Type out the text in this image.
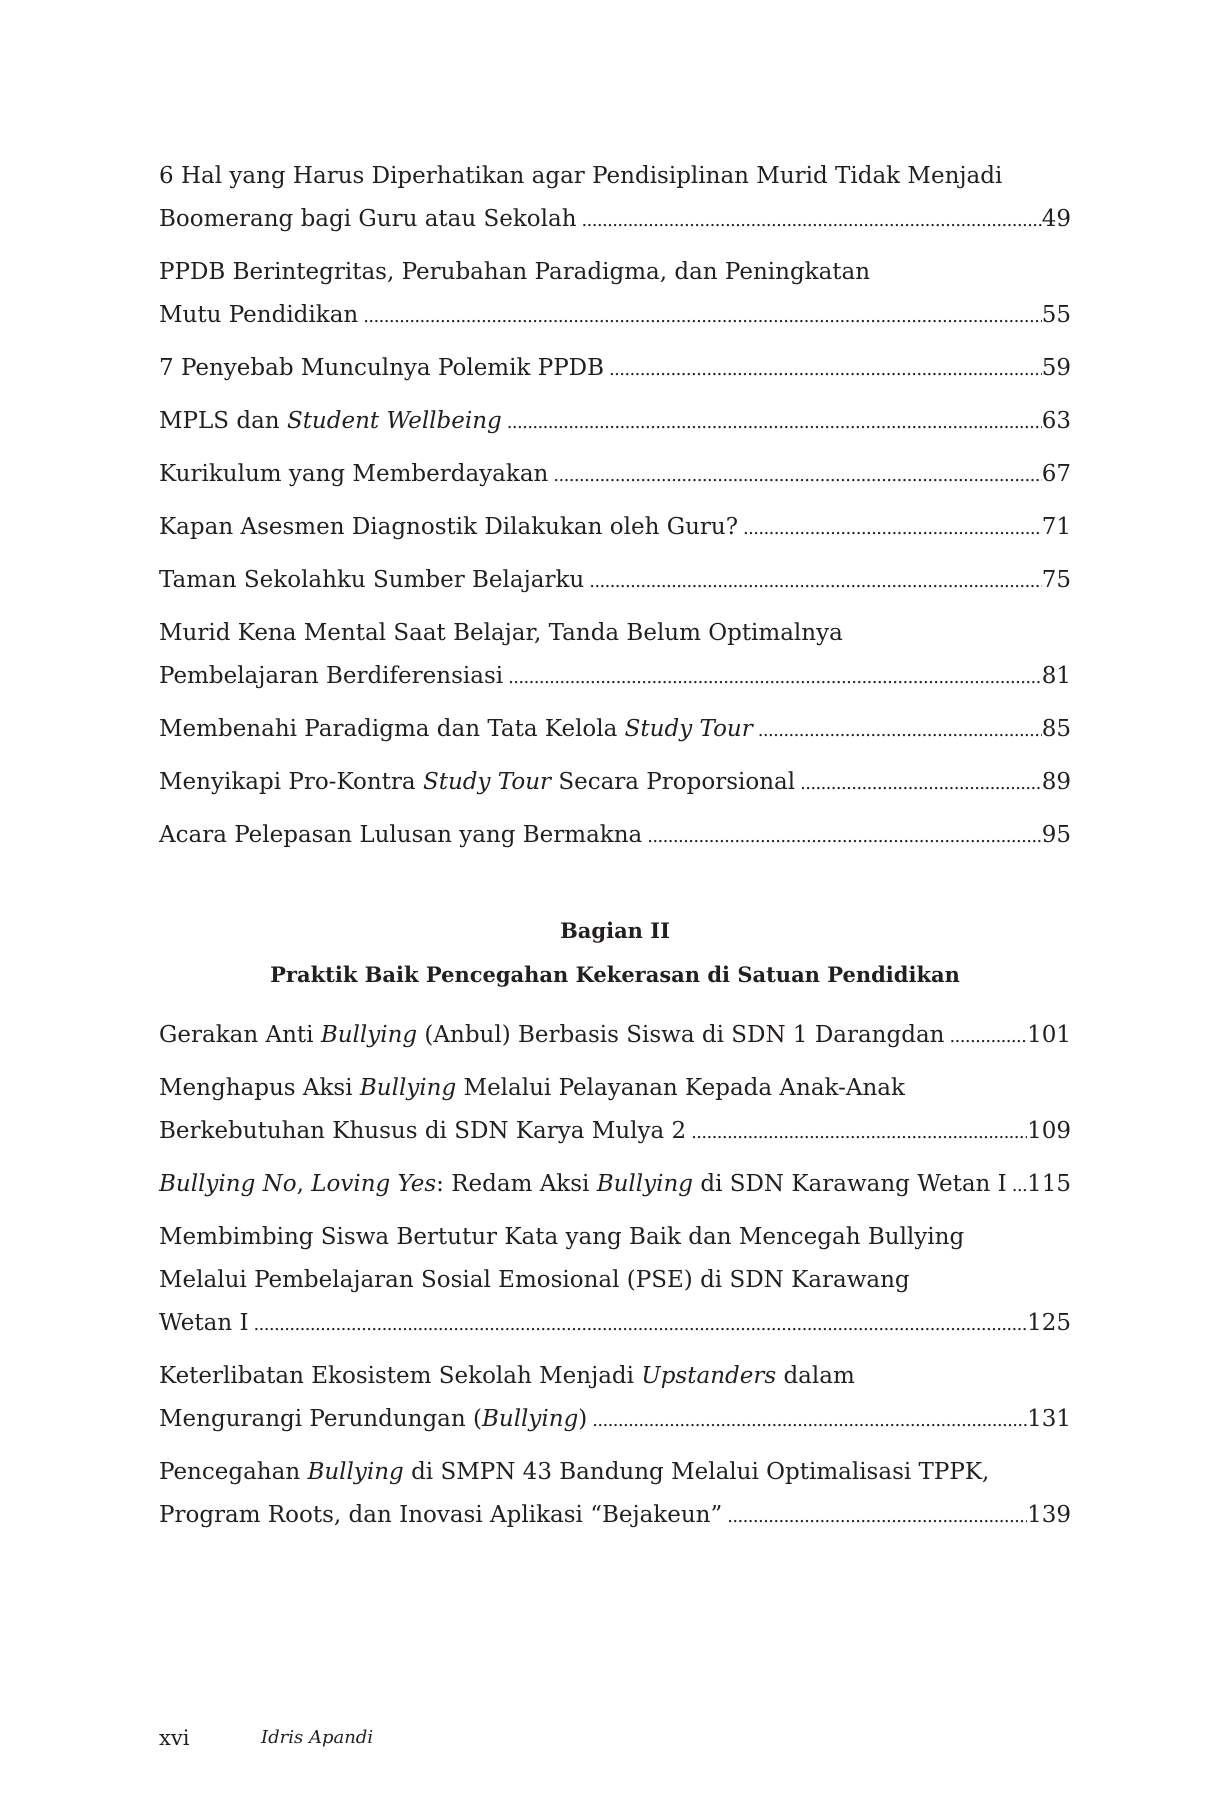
6 Hal yang Harus Diperhatikan agar Pendisiplinan Murid Tidak Menjadi
Boomerang bagi Guru atau Sekolah .....	49
PPDB Berintegritas, Perubahan Paradigma, dan Peningkatan
Mutu Pendidikan .....	55
7 Penyebab Munculnya Polemik PPDB .....	59
MPLS dan Student Wellbeing .....	63
Kurikulum yang Memberdayakan .....	67
Kapan Asesmen Diagnostik Dilakukan oleh Guru? .....	71
Taman Sekolahku Sumber Belajarku .....	75
Murid Kena Mental Saat Belajar, Tanda Belum Optimalnya
Pembelajaran Berdiferensiasi .....	81
Membenahi Paradigma dan Tata Kelola Study Tour .....	85
Menyikapi Pro-Kontra Study Tour Secara Proporsional .....	89
Acara Pelepasan Lulusan yang Bermakna .....	95
Bagian II
Praktik Baik Pencegahan Kekerasan di Satuan Pendidikan
Gerakan Anti Bullying (Anbul) Berbasis Siswa di SDN 1 Darangdan .....	101
Menghapus Aksi Bullying Melalui Pelayanan Kepada Anak-Anak
Berkebutuhan Khusus di SDN Karya Mulya 2 .....	109
Bullying No, Loving Yes: Redam Aksi Bullying di SDN Karawang Wetan I ..... 115
Membimbing Siswa Bertutur Kata yang Baik dan Mencegah Bullying
Melalui Pembelajaran Sosial Emosional (PSE) di SDN Karawang
Wetan I .....	125
Keterlibatan Ekosistem Sekolah Menjadi Upstanders dalam
Mengurangi Perundungan (Bullying) .....	131
Pencegahan Bullying di SMPN 43 Bandung Melalui Optimalisasi TPPK,
Program Roots, dan Inovasi Aplikasi “Bejakeun” .....	139
xvi	Idris Apandi
